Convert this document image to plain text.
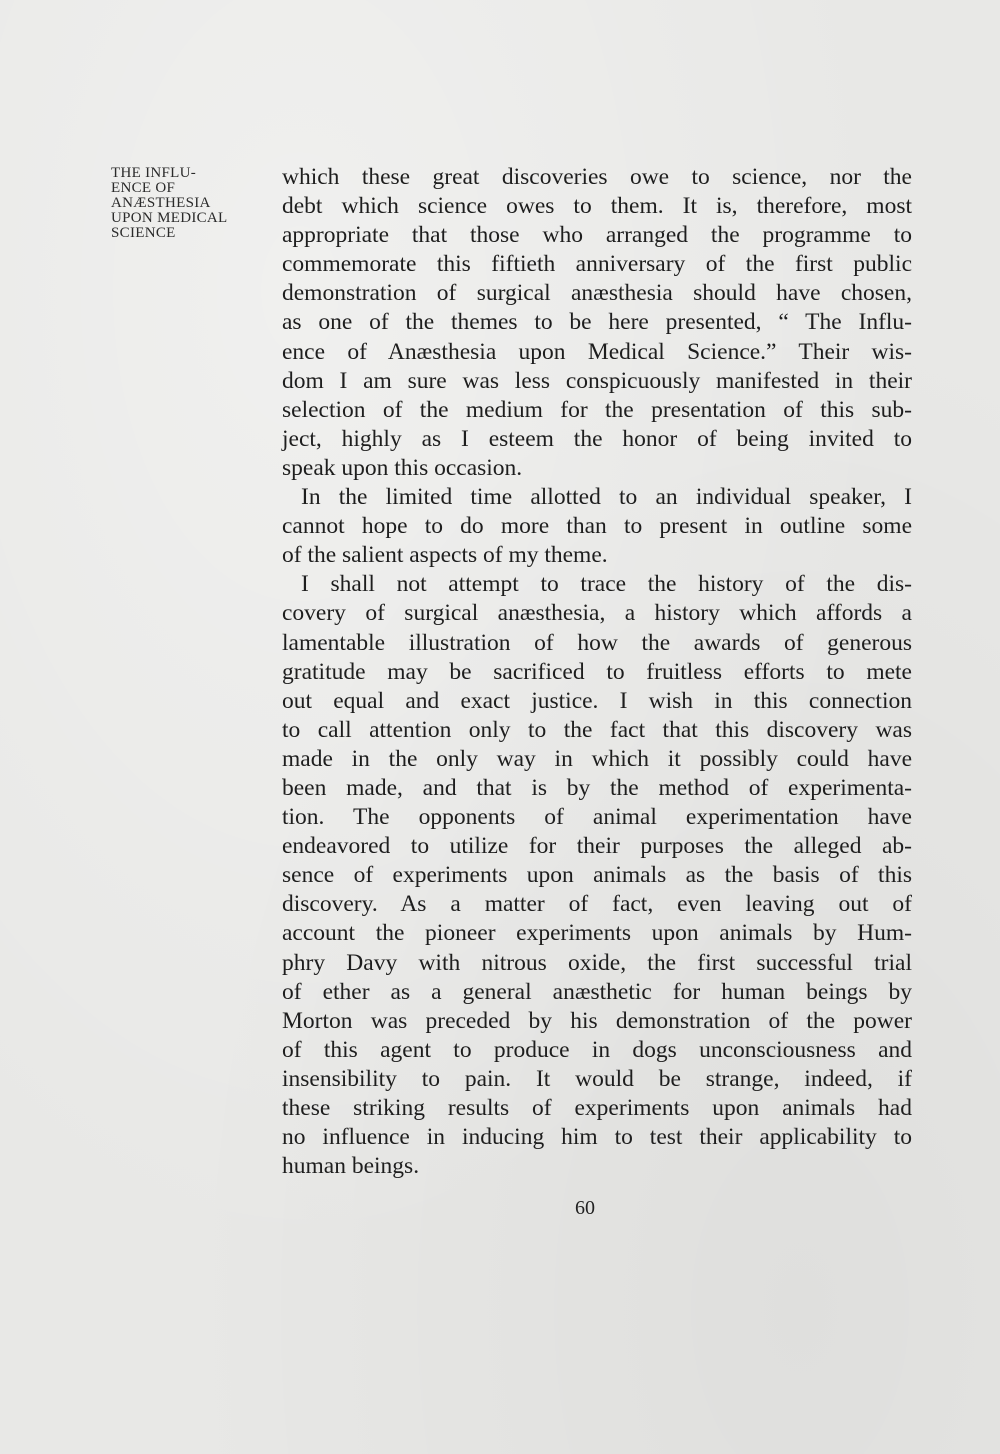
THE INFLU-
ENCE OF
ANÆSTHESIA
UPON MEDICAL
SCIENCE
which these great discoveries owe to science, nor the
debt which science owes to them. It is, therefore, most
appropriate that those who arranged the programme to
commemorate this fiftieth anniversary of the first public
demonstration of surgical anæsthesia should have chosen,
as one of the themes to be here presented, “ The Influ-
ence of Anæsthesia upon Medical Science.” Their wis-
dom I am sure was less conspicuously manifested in their
selection of the medium for the presentation of this sub-
ject, highly as I esteem the honor of being invited to
speak upon this occasion.
In the limited time allotted to an individual speaker, I
cannot hope to do more than to present in outline some
of the salient aspects of my theme.
I shall not attempt to trace the history of the dis-
covery of surgical anæsthesia, a history which affords a
lamentable illustration of how the awards of generous
gratitude may be sacrificed to fruitless efforts to mete
out equal and exact justice. I wish in this connection
to call attention only to the fact that this discovery was
made in the only way in which it possibly could have
been made, and that is by the method of experimenta-
tion. The opponents of animal experimentation have
endeavored to utilize for their purposes the alleged ab-
sence of experiments upon animals as the basis of this
discovery. As a matter of fact, even leaving out of
account the pioneer experiments upon animals by Hum-
phry Davy with nitrous oxide, the first successful trial
of ether as a general anæsthetic for human beings by
Morton was preceded by his demonstration of the power
of this agent to produce in dogs unconsciousness and
insensibility to pain. It would be strange, indeed, if
these striking results of experiments upon animals had
no influence in inducing him to test their applicability to
human beings.
60
